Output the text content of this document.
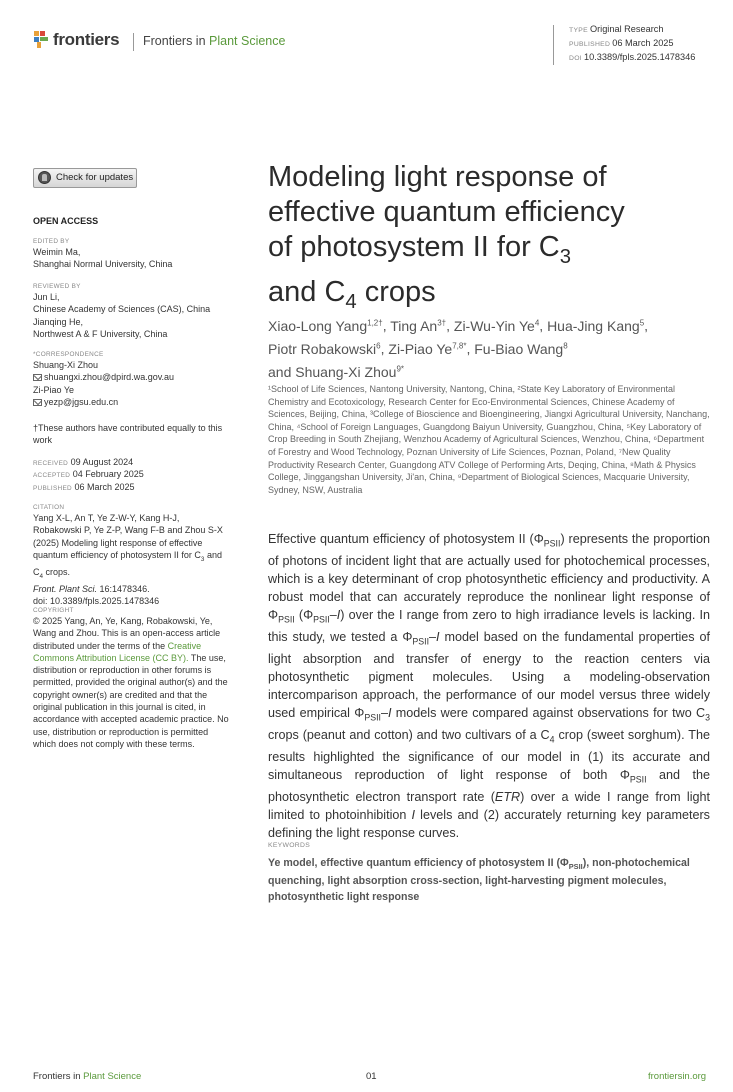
frontiers Frontiers in Plant Science
TYPE Original Research
PUBLISHED 06 March 2025
DOI 10.3389/fpls.2025.1478346
Check for updates
OPEN ACCESS
EDITED BY
Weimin Ma,
Shanghai Normal University, China
REVIEWED BY
Jun Li,
Chinese Academy of Sciences (CAS), China
Jianqing He,
Northwest A & F University, China
*CORRESPONDENCE
Shuang-Xi Zhou
shuangxi.zhou@dpird.wa.gov.au
Zi-Piao Ye
yezp@jgsu.edu.cn
†These authors have contributed equally to this work
RECEIVED 09 August 2024
ACCEPTED 04 February 2025
PUBLISHED 06 March 2025
CITATION
Yang X-L, An T, Ye Z-W-Y, Kang H-J, Robakowski P, Ye Z-P, Wang F-B and Zhou S-X (2025) Modeling light response of effective quantum efficiency of photosystem II for $C_3$ and $C_4$ crops.
Front. Plant Sci. 16:1478346.
doi: 10.3389/fpls.2025.1478346
COPYRIGHT
© 2025 Yang, An, Ye, Kang, Robakowski, Ye, Wang and Zhou. This is an open-access article distributed under the terms of the Creative Commons Attribution License (CC BY). The use, distribution or reproduction in other forums is permitted, provided the original author(s) and the copyright owner(s) are credited and that the original publication in this journal is cited, in accordance with accepted academic practice. No use, distribution or reproduction is permitted which does not comply with these terms.
Modeling light response of
effective quantum efficiency
of photosystem II for $C_3$
and $C_4$ crops
Xiao-Long Yang$^{1,2\dagger}$, Ting $An^{3\dagger}$, Zi-Wu-Yin Ye$^4$, Hua-Jing Kang$^5$,
Piotr Robakowski$^6$, Zi-Piao $Ye^{7,8*}$, Fu-Biao Wang$^8$
and Shuang-Xi Zhou$^{9*}$
¹School of Life Sciences, Nantong University, Nantong, China, ²State Key Laboratory of Environmental Chemistry and Ecotoxicology, Research Center for Eco-Environmental Sciences, Chinese Academy of Sciences, Beijing, China, ³College of Bioscience and Bioengineering, Jiangxi Agricultural University, Nanchang, China, ⁴School of Foreign Languages, Guangdong Baiyun University, Guangzhou, China, ⁵Key Laboratory of Crop Breeding in South Zhejiang, Wenzhou Academy of Agricultural Sciences, Wenzhou, China, ⁶Department of Forestry and Wood Technology, Poznan University of Life Sciences, Poznan, Poland, ⁷New Quality Productivity Research Center, Guangdong ATV College of Performing Arts, Deqing, China, ⁸Math & Physics College, Jinggangshan University, Ji'an, China, ⁹Department of Biological Sciences, Macquarie University, Sydney, NSW, Australia
Effective quantum efficiency of photosystem II $(\Phi_{PSII})$ represents the proportion of photons of incident light that are actually used for photochemical processes, which is a key determinant of crop photosynthetic efficiency and productivity. A robust model that can accurately reproduce the nonlinear light response of $\Phi_{PSII}$ $(\Phi_{PSII}-I)$ over the I range from zero to high irradiance levels is lacking. In this study, we tested a $\Phi_{PSII}-I$ model based on the fundamental properties of light absorption and transfer of energy to the reaction centers via photosynthetic pigment molecules. Using a modeling-observation intercomparison approach, the performance of our model versus three widely used empirical $\Phi_{PSII}-I$ models were compared against observations for two $C_3$ crops (peanut and cotton) and two cultivars of a $C_4$ crop (sweet sorghum). The results highlighted the significance of our model in (1) its accurate and simultaneous reproduction of light response of both $\Phi_{PSII}$ and the photosynthetic electron transport rate (ETR) over a wide I range from light limited to photoinhibition I levels and (2) accurately returning key parameters defining the light response curves.
KEYWORDS
Ye model, effective quantum efficiency of photosystem II $(\Phi_{PSII})$, non-photochemical quenching, light absorption cross-section, light-harvesting pigment molecules, photosynthetic light response
Frontiers in Plant Science	01	frontiersin.org
